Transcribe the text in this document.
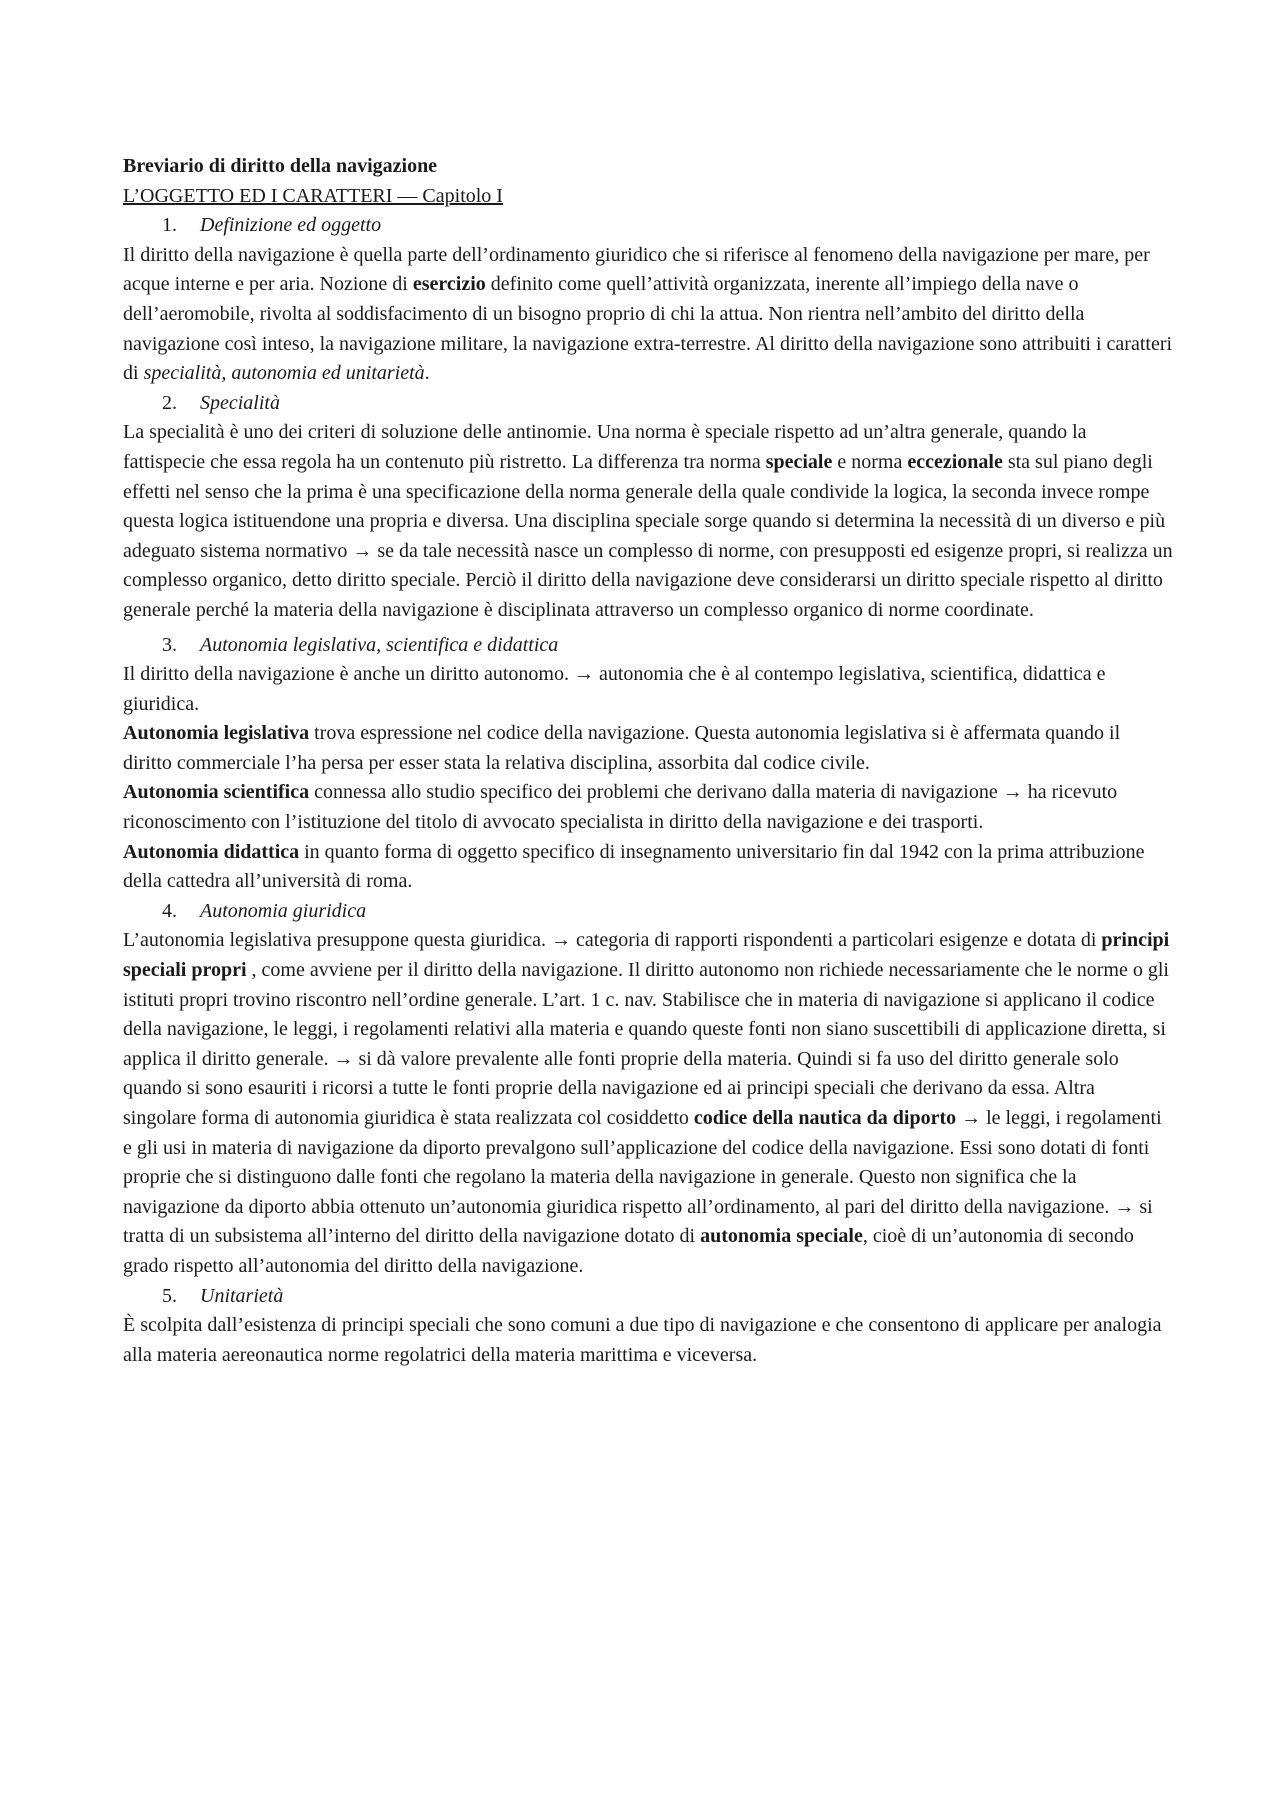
Breviario di diritto della navigazione
L’OGGETTO ED I CARATTERI — Capitolo I
1. Definizione ed oggetto

Il diritto della navigazione è quella parte dell’ordinamento giuridico che si riferisce al fenomeno della navigazione per mare, per acque interne e per aria. Nozione di esercizio definito come quell’attività organizzata, inerente all’impiego della nave o dell’aeromobile, rivolta al soddisfacimento di un bisogno proprio di chi la attua. Non rientra nell’ambito del diritto della navigazione così inteso, la navigazione militare, la navigazione extra-terrestre. Al diritto della navigazione sono attribuiti i caratteri di specialità, autonomia ed unitarietà.

2. Specialità

La specialità è uno dei criteri di soluzione delle antinomie. Una norma è speciale rispetto ad un’altra generale, quando la fattispecie che essa regola ha un contenuto più ristretto. La differenza tra norma speciale e norma eccezionale sta sul piano degli effetti nel senso che la prima è una specificazione della norma generale della quale condivide la logica, la seconda invece rompe questa logica istituendone una propria e diversa. Una disciplina speciale sorge quando si determina la necessità di un diverso e più adeguato sistema normativo → se da tale necessità nasce un complesso di norme, con presupposti ed esigenze propri, si realizza un complesso organico, detto diritto speciale. Perciò il diritto della navigazione deve considerarsi un diritto speciale rispetto al diritto generale perché la materia della navigazione è disciplinata attraverso un complesso organico di norme coordinate.

3. Autonomia legislativa, scientifica e didattica

Il diritto della navigazione è anche un diritto autonomo. → autonomia che è al contempo legislativa, scientifica, didattica e giuridica.

Autonomia legislativa trova espressione nel codice della navigazione. Questa autonomia legislativa si è affermata quando il diritto commerciale l’ha persa per esser stata la relativa disciplina, assorbita dal codice civile.

Autonomia scientifica connessa allo studio specifico dei problemi che derivano dalla materia di navigazione → ha ricevuto riconoscimento con l’istituzione del titolo di avvocato specialista in diritto della navigazione e dei trasporti.

Autonomia didattica in quanto forma di oggetto specifico di insegnamento universitario fin dal 1942 con la prima attribuzione della cattedra all’università di roma.

4. Autonomia giuridica

L’autonomia legislativa presuppone questa giuridica. → categoria di rapporti rispondenti a particolari esigenze e dotata di principi speciali propri , come avviene per il diritto della navigazione. Il diritto autonomo non richiede necessariamente che le norme o gli istituti propri trovino riscontro nell’ordine generale. L’art. 1 c. nav. Stabilisce che in materia di navigazione si applicano il codice della navigazione, le leggi, i regolamenti relativi alla materia e quando queste fonti non siano suscettibili di applicazione diretta, si applica il diritto generale. → si dà valore prevalente alle fonti proprie della materia. Quindi si fa uso del diritto generale solo quando si sono esauriti i ricorsi a tutte le fonti proprie della navigazione ed ai principi speciali che derivano da essa. Altra singolare forma di autonomia giuridica è stata realizzata col cosiddetto codice della nautica da diporto → le leggi, i regolamenti e gli usi in materia di navigazione da diporto prevalgono sull’applicazione del codice della navigazione. Essi sono dotati di fonti proprie che si distinguono dalle fonti che regolano la materia della navigazione in generale. Questo non significa che la navigazione da diporto abbia ottenuto un’autonomia giuridica rispetto all’ordinamento, al pari del diritto della navigazione. → si tratta di un subsistema all’interno del diritto della navigazione dotato di autonomia speciale, cioè di un’autonomia di secondo grado rispetto all’autonomia del diritto della navigazione.

5. Unitarietà

È scolpita dall’esistenza di principi speciali che sono comuni a due tipo di navigazione e che consentono di applicare per analogia alla materia aereonautica norme regolatrici della materia marittima e viceversa.
